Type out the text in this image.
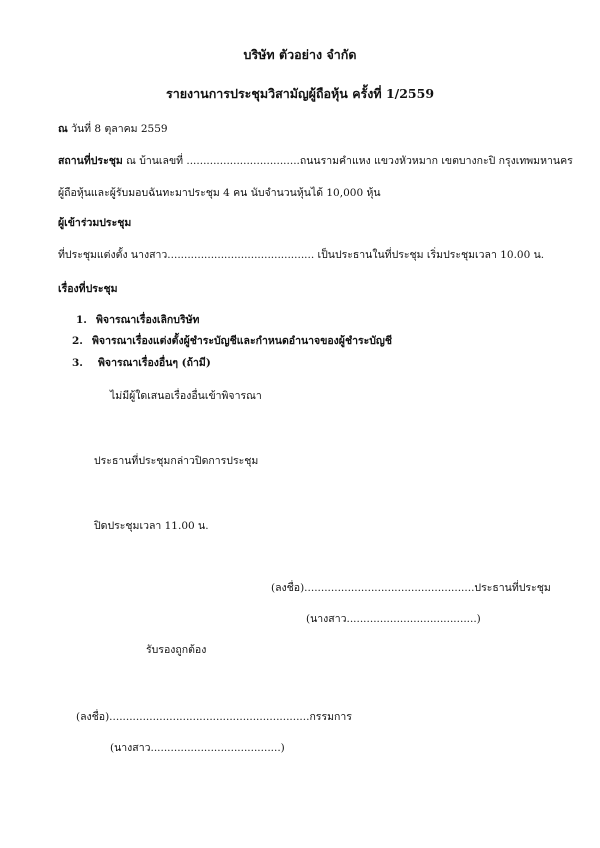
บริษัท ตัวอย่าง จำกัด
รายงานการประชุมวิสามัญผู้ถือหุ้น ครั้งที่ 1/2559
ณ วันที่ 8 ตุลาคม 2559
สถานที่ประชุม ณ บ้านเลขที่ ..................................ถนนรามคำแหง แขวงหัวหมาก เขตบางกะปิ กรุงเทพมหานคร
ผู้ถือหุ้นและผู้รับมอบฉันทะมาประชุม 4 คน นับจำนวนหุ้นได้ 10,000 หุ้น
ผู้เข้าร่วมประชุม
ที่ประชุมแต่งตั้ง นางสาว............................................ เป็นประธานในที่ประชุม เริ่มประชุมเวลา 10.00 น.
เรื่องที่ประชุม
1. พิจารณาเรื่องเลิกบริษัท
2. พิจารณาเรื่องแต่งตั้งผู้ชำระบัญชีและกำหนดอำนาจของผู้ชำระบัญชี
3. พิจารณาเรื่องอื่นๆ (ถ้ามี)
ไม่มีผู้ใดเสนอเรื่องอื่นเข้าพิจารณา
ประธานที่ประชุมกล่าวปิดการประชุม
ปิดประชุมเวลา 11.00 น.
(ลงชื่อ)...................................................ประธานที่ประชุม
(นางสาว.......................................)
รับรองถูกต้อง
(ลงชื่อ)............................................................กรรมการ
(นางสาว.......................................)
